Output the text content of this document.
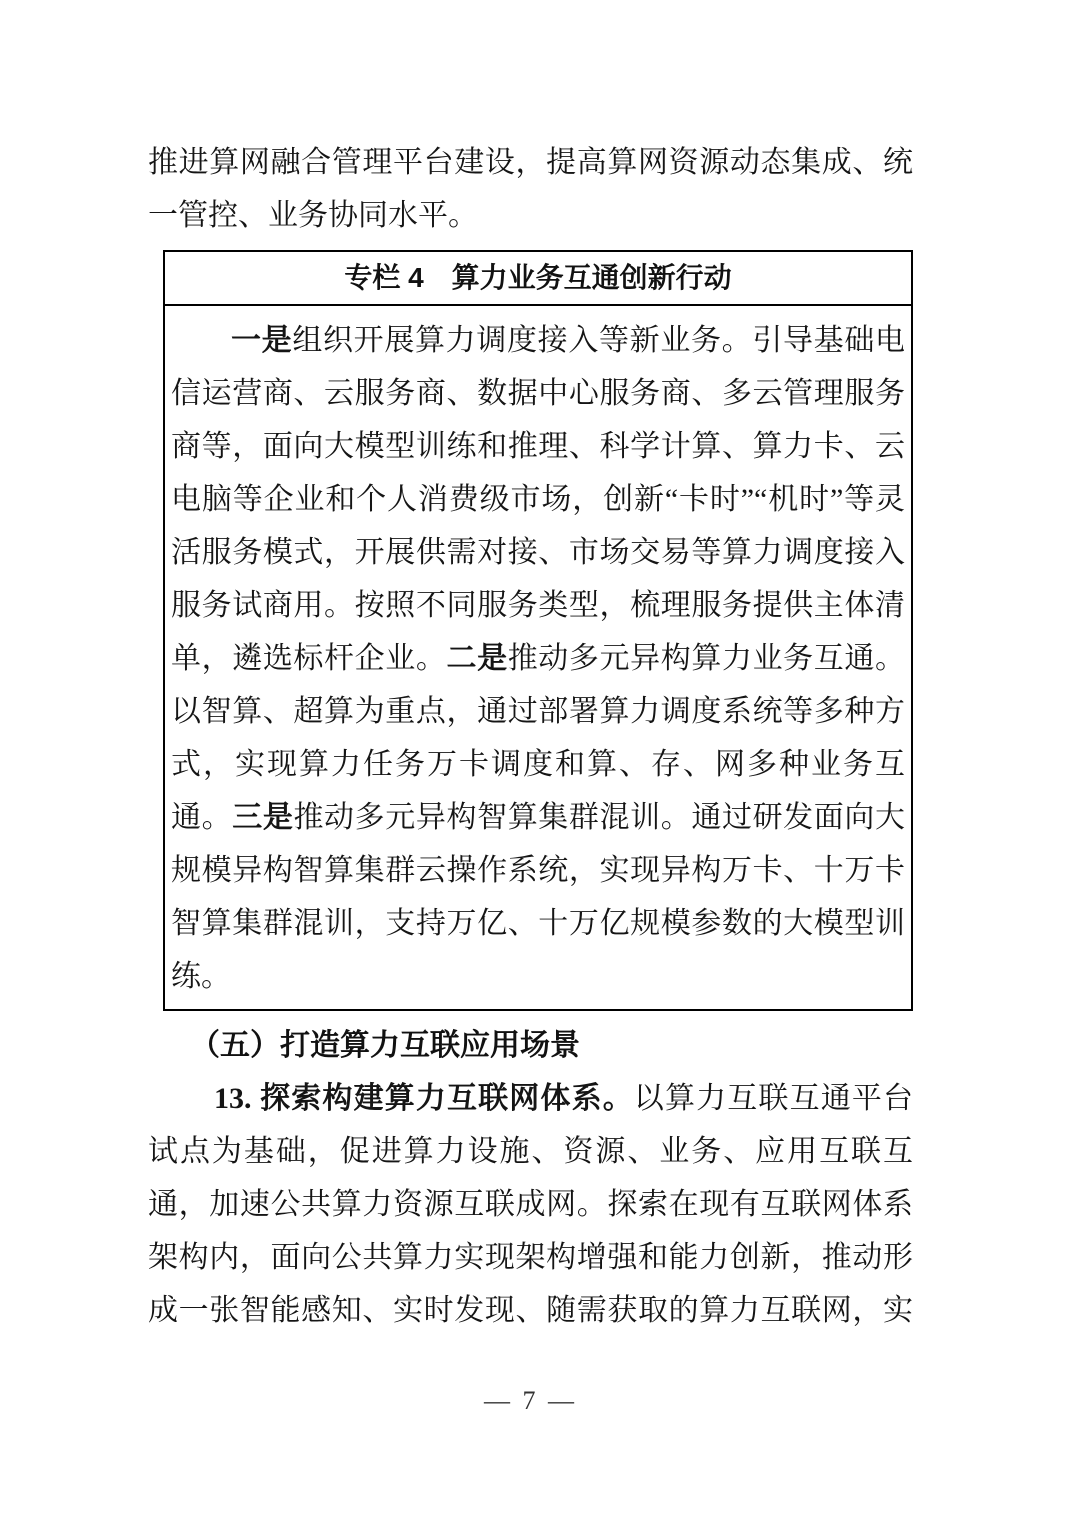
推进算网融合管理平台建设，提高算网资源动态集成、统
一管控、业务协同水平。
专栏 4　算力业务互通创新行动
一是组织开展算力调度接入等新业务。引导基础电
信运营商、云服务商、数据中心服务商、多云管理服务
商等，面向大模型训练和推理、科学计算、算力卡、云
电脑等企业和个人消费级市场，创新“卡时”“机时”等灵
活服务模式，开展供需对接、市场交易等算力调度接入
服务试商用。按照不同服务类型，梳理服务提供主体清
单，遴选标杆企业。二是推动多元异构算力业务互通。
以智算、超算为重点，通过部署算力调度系统等多种方
式，实现算力任务万卡调度和算、存、网多种业务互
通。三是推动多元异构智算集群混训。通过研发面向大
规模异构智算集群云操作系统，实现异构万卡、十万卡
智算集群混训，支持万亿、十万亿规模参数的大模型训
练。
（五）打造算力互联应用场景
13. 探索构建算力互联网体系。以算力互联互通平台
试点为基础，促进算力设施、资源、业务、应用互联互
通，加速公共算力资源互联成网。探索在现有互联网体系
架构内，面向公共算力实现架构增强和能力创新，推动形
成一张智能感知、实时发现、随需获取的算力互联网，实
— 7 —
